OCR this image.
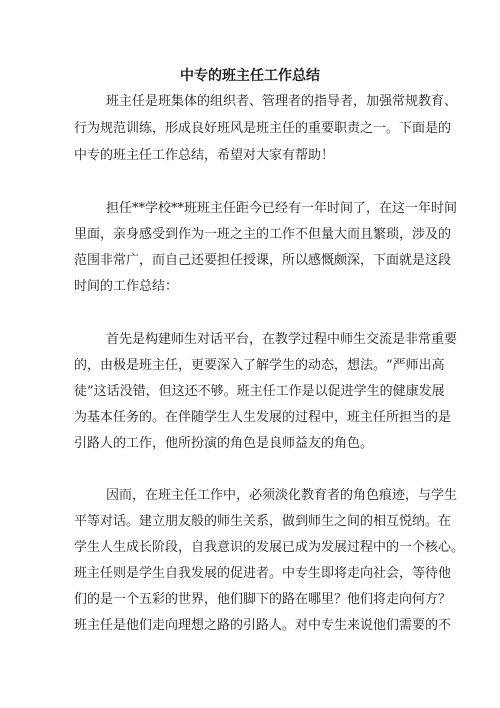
中专的班主任工作总结

班主任是班集体的组织者、管理者的指导者，加强常规教育、

行为规范训练，形成良好班风是班主任的重要职责之一。下面是的

中专的班主任工作总结，希望对大家有帮助！

担任**学校**班班主任距今已经有一年时间了，在这一年时间

里面，亲身感受到作为一班之主的工作不但量大而且繁琐，涉及的

范围非常广，而自己还要担任授课，所以感慨颇深，下面就是这段

时间的工作总结：

首先是构建师生对话平台，在教学过程中师生交流是非常重要

的，由极是班主任，更要深入了解学生的动态，想法。“严师出高

徒”这话没错，但这还不够。班主任工作是以促进学生的健康发展

为基本任务的。在伴随学生人生发展的过程中，班主任所担当的是

引路人的工作，他所扮演的角色是良师益友的角色。

因而，在班主任工作中，必须淡化教育者的角色痕迹，与学生

平等对话。建立朋友般的师生关系，做到师生之间的相互悦纳。在

学生人生成长阶段，自我意识的发展已成为发展过程中的一个核心。

班主任则是学生自我发展的促进者。中专生即将走向社会，等待他

们的是一个五彩的世界，他们脚下的路在哪里？他们将走向何方？

班主任是他们走向理想之路的引路人。对中专生来说他们需要的不
